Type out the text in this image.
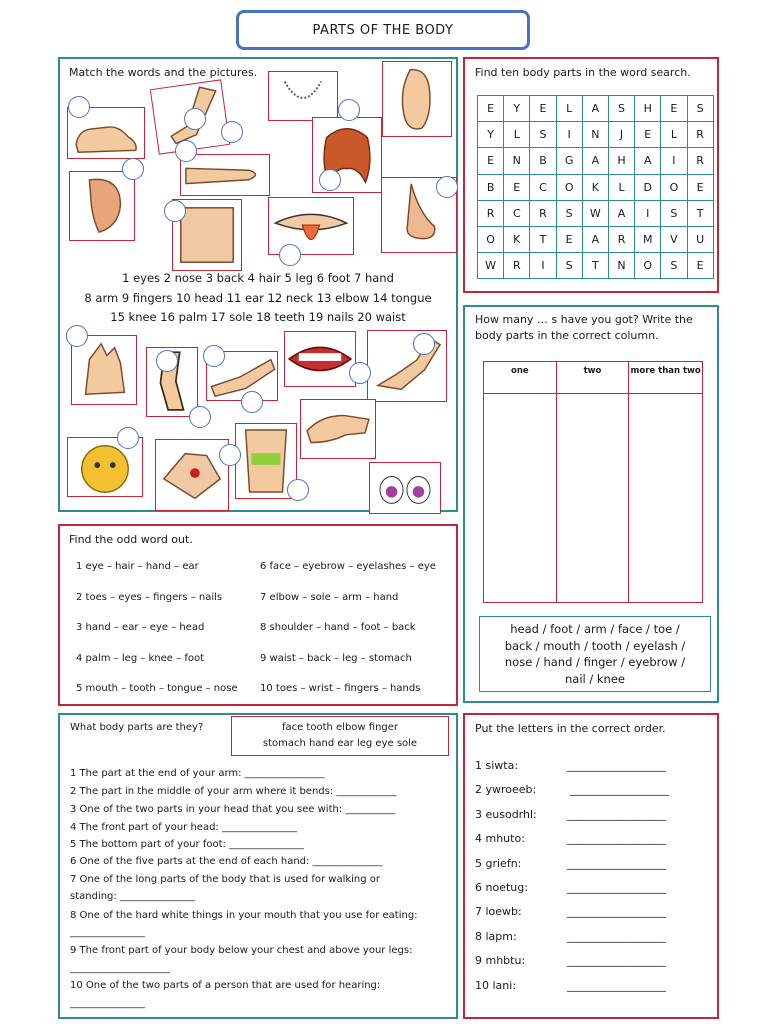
PARTS OF THE BODY
Match the words and the pictures.
1 eyes 2 nose 3 back 4 hair 5 leg 6 foot 7 hand
8 arm 9 fingers 10 head 11 ear 12 neck 13 elbow 14 tongue
15 knee 16 palm 17 sole 18 teeth 19 nails 20 waist
Find ten body parts in the word search.
E	Y	E	L	A	S	H	E	S
Y	L	S	I	N	J	E	L	R
E	N	B	G	A	H	A	I	R
B	E	C	O	K	L	D	O	E
R	C	R	S	W	A	I	S	T
O	K	T	E	A	R	M	V	U
W	R	I	S	T	N	O	S	E
How many … s have you got? Write the
body parts in the correct column.
one	two	more than two

head / foot / arm / face / toe /
back / mouth / tooth / eyelash /
nose / hand / finger / eyebrow /
nail / knee
Find the odd word out.
1 eye – hair – hand – ear
2 toes – eyes – fingers – nails
3 hand – ear – eye – head
4 palm – leg – knee – foot
5 mouth – tooth – tongue – nose
6 face – eyebrow – eyelashes – eye
7 elbow – sole – arm – hand
8 shoulder – hand – foot – back
9 waist – back – leg – stomach
10 toes – wrist – fingers – hands
What body parts are they?	face tooth elbow finger
stomach hand ear leg eye sole
1 The part at the end of your arm: ________________
2 The part in the middle of your arm where it bends: ____________
3 One of the two parts in your head that you see with: __________
4 The front part of your head: _______________
5 The bottom part of your foot: _______________
6 One of the five parts at the end of each hand: ______________
7 One of the long parts of the body that is used for walking or
standing: _______________
8 One of the hard white things in your mouth that you use for eating:
_______________
9 The front part of your body below your chest and above your legs:
____________________
10 One of the two parts of a person that are used for hearing:
_______________
Put the letters in the correct order.
1 siwta:	__________________
2 ywroeeb:	__________________
3 eusodrhl:	__________________
4 mhuto:	__________________
5 griefn:	__________________
6 noetug:	__________________
7 loewb:	__________________
8 lapm:	__________________
9 mhbtu:	__________________
10 lani:	__________________
